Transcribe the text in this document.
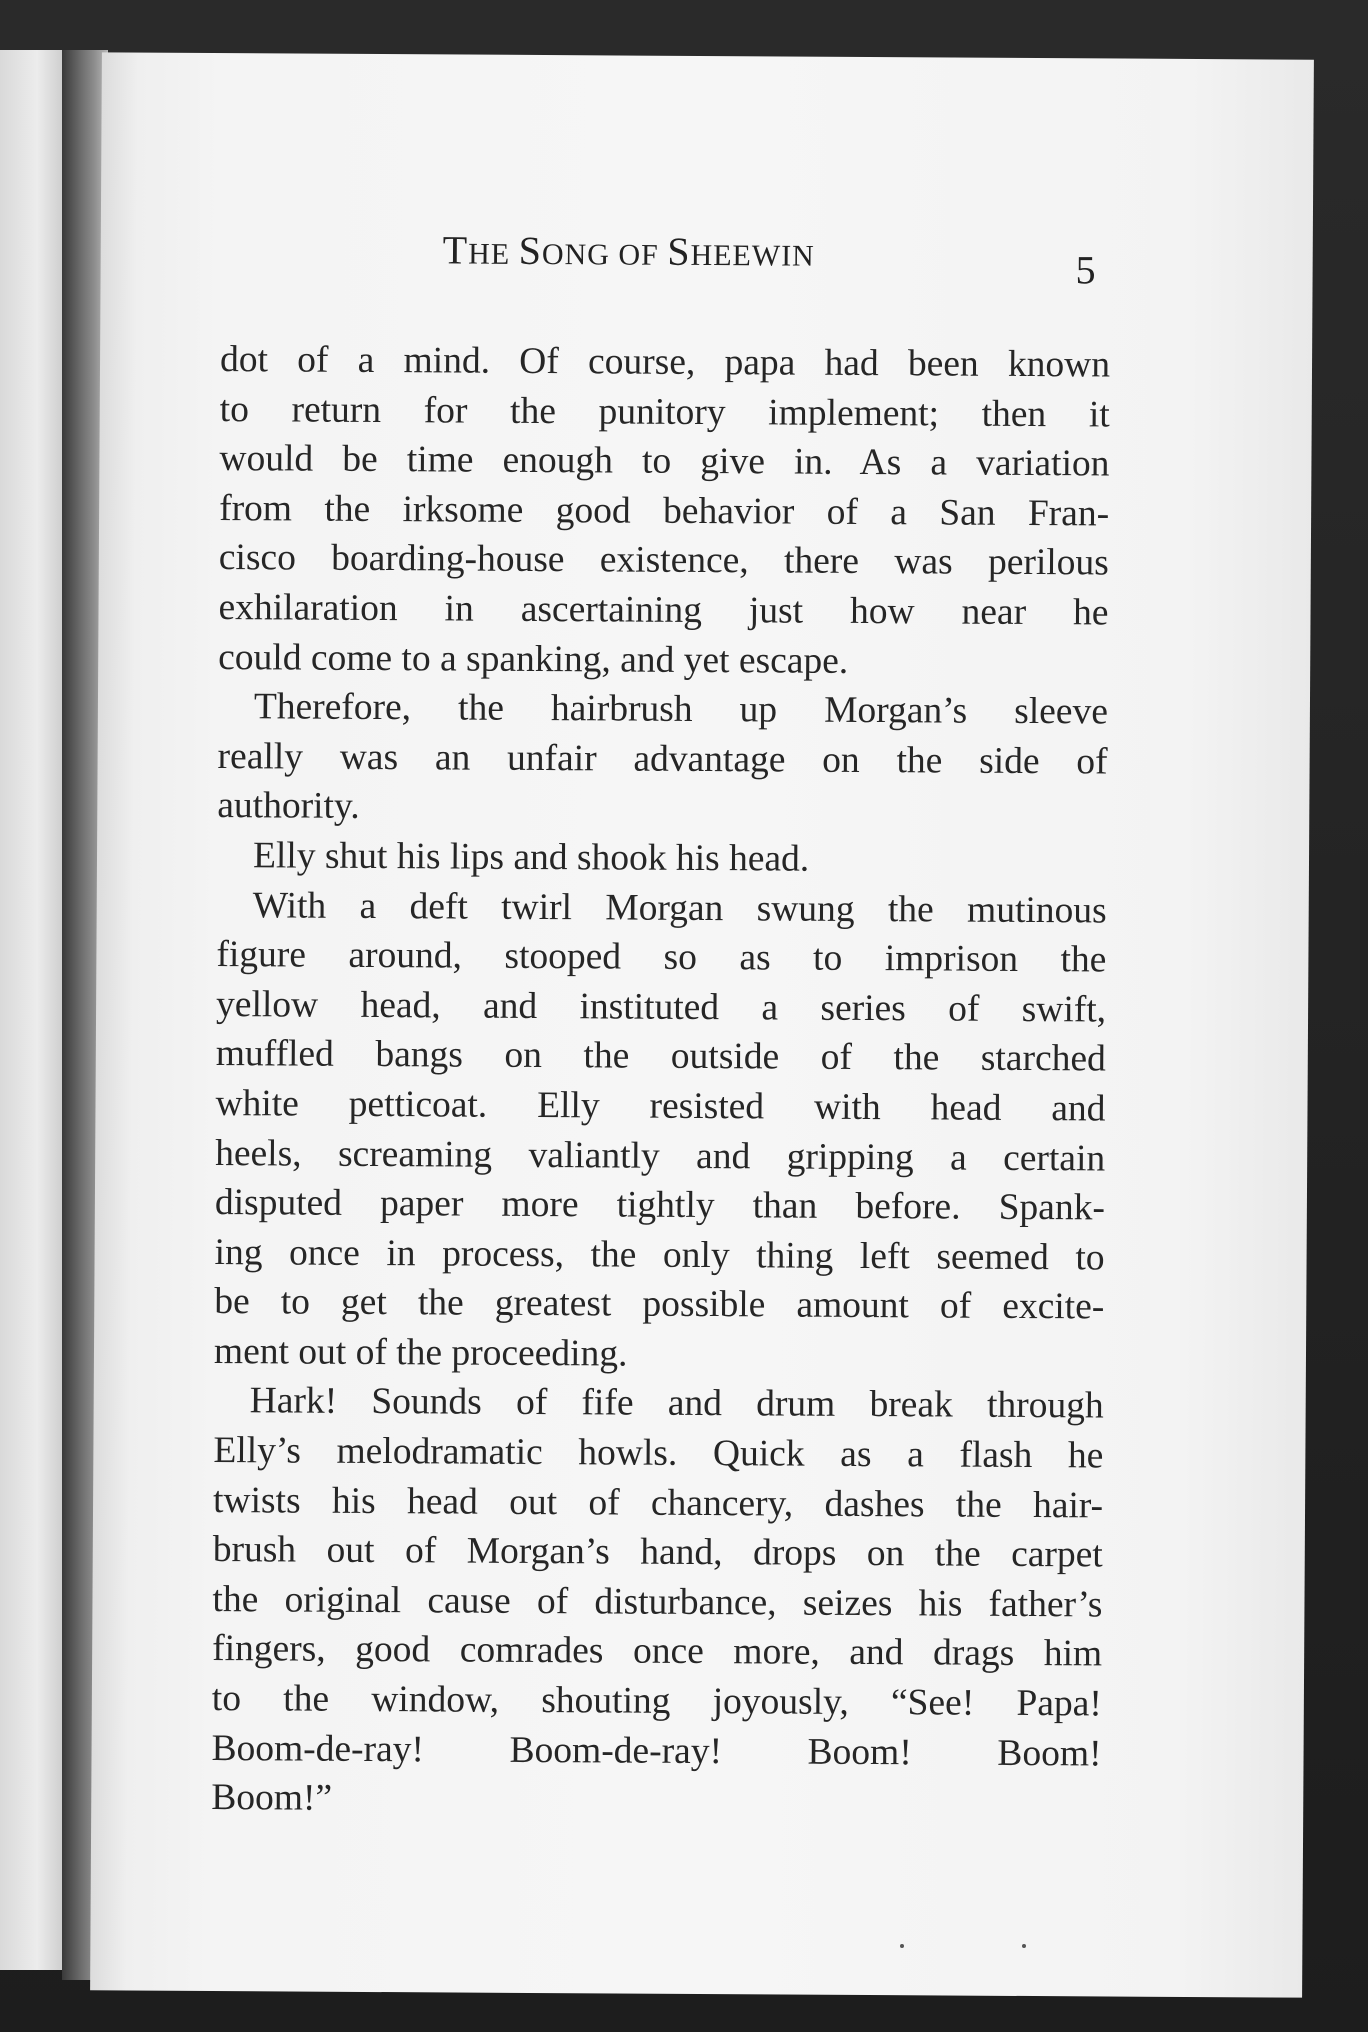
THE SONG OF SHEEWIN	5

dot of a mind. Of course, papa had been known
to return for the punitory implement; then it
would be time enough to give in. As a variation
from the irksome good behavior of a San Fran-
cisco boarding-house existence, there was perilous
exhilaration in ascertaining just how near he
could come to a spanking, and yet escape.

Therefore, the hairbrush up Morgan’s sleeve
really was an unfair advantage on the side of
authority.

Elly shut his lips and shook his head.

With a deft twirl Morgan swung the mutinous
figure around, stooped so as to imprison the
yellow head, and instituted a series of swift,
muffled bangs on the outside of the starched
white petticoat. Elly resisted with head and
heels, screaming valiantly and gripping a certain
disputed paper more tightly than before. Spank-
ing once in process, the only thing left seemed to
be to get the greatest possible amount of excite-
ment out of the proceeding.

Hark! Sounds of fife and drum break through
Elly’s melodramatic howls. Quick as a flash he
twists his head out of chancery, dashes the hair-
brush out of Morgan’s hand, drops on the carpet
the original cause of disturbance, seizes his father’s
fingers, good comrades once more, and drags him
to the window, shouting joyously, “See! Papa!
Boom-de-ray! Boom-de-ray! Boom! Boom!
Boom!”
